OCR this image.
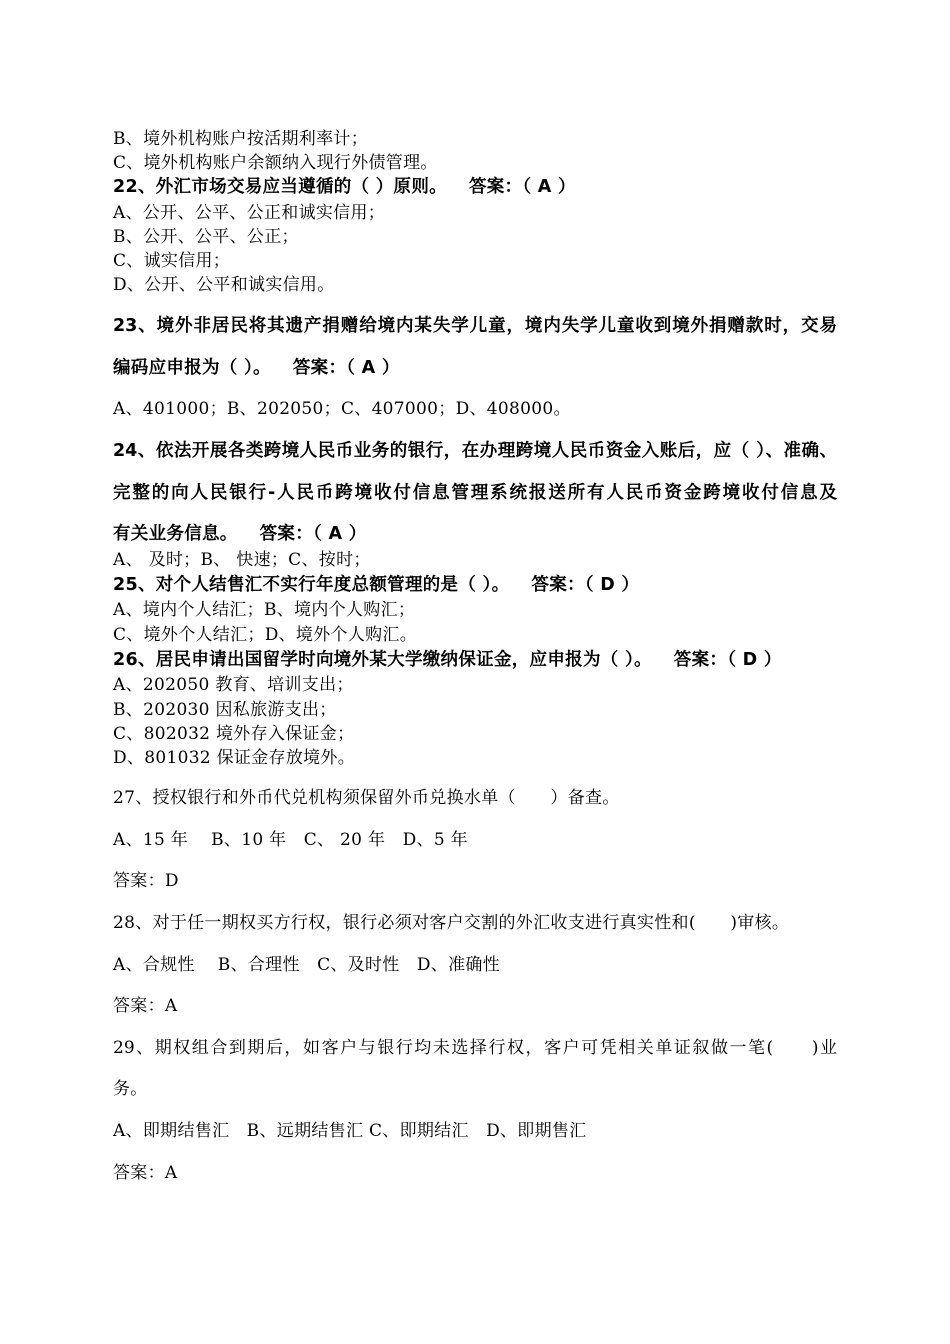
B、境外机构账户按活期利率计；
C、境外机构账户余额纳入现行外债管理。
22、外汇市场交易应当遵循的（ ）原则。 答案：（ A ）
A、公开、公平、公正和诚实信用；
B、公开、公平、公正；
C、诚实信用；
D、公开、公平和诚实信用。
23、境外非居民将其遗产捐赠给境内某失学儿童，境内失学儿童收到境外捐赠款时，交易
编码应申报为（ ）。 答案：（ A ）
A、401000；B、202050；C、407000；D、408000。
24、依法开展各类跨境人民币业务的银行，在办理跨境人民币资金入账后，应（ ）、准确、
完整的向人民银行-人民币跨境收付信息管理系统报送所有人民币资金跨境收付信息及
有关业务信息。 答案：（ A ）
A、 及时；B、 快速；C、按时；
25、对个人结售汇不实行年度总额管理的是（ ）。 答案：（ D ）
A、境内个人结汇；B、境内个人购汇；
C、境外个人结汇；D、境外个人购汇。
26、居民申请出国留学时向境外某大学缴纳保证金，应申报为（ ）。 答案：（ D ）
A、202050 教育、培训支出；
B、202030 因私旅游支出；
C、802032 境外存入保证金；
D、801032 保证金存放境外。
27、授权银行和外币代兑机构须保留外币兑换水单（　　）备查。
A、15 年　 B、10 年　C、 20 年　D、5 年
答案：D
28、对于任一期权买方行权，银行必须对客户交割的外汇收支进行真实性和(　　)审核。
A、合规性　 B、合理性　C、及时性　D、准确性
答案：A
29、期权组合到期后，如客户与银行均未选择行权，客户可凭相关单证叙做一笔(　　)业
务。
A、即期结售汇　B、远期结售汇 C、即期结汇　D、即期售汇
答案：A
